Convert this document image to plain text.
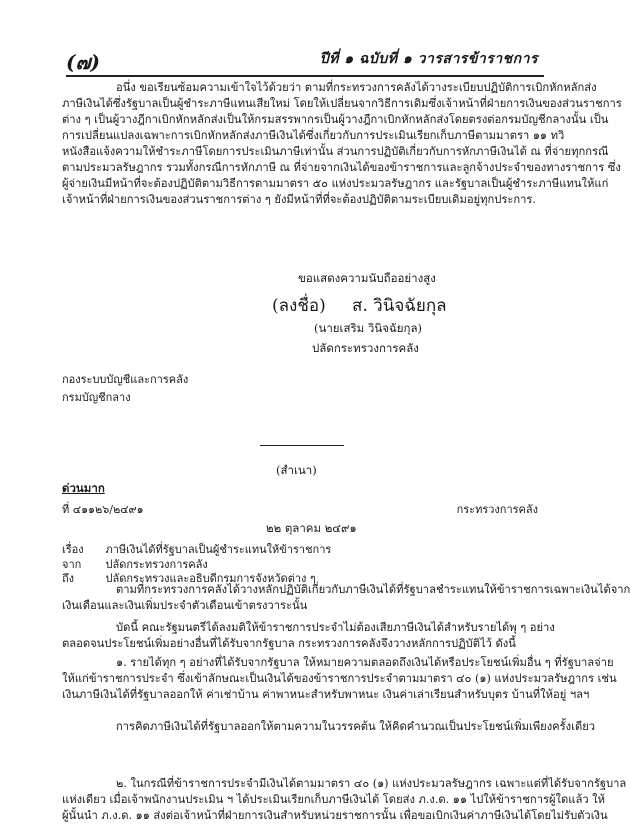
(๗)	ปีที่ ๑ ฉบับที่ ๑ วารสารข้าราชการ
อนึ่ง ขอเรียนซ้อมความเข้าใจไว้ด้วยว่า ตามที่กระทรวงการคลังได้วางระเบียบปฏิบัติการเบิกหักหลักส่ง
ภาษีเงินได้ซึ่งรัฐบาลเป็นผู้ชำระภาษีแทนเสียใหม่ โดยให้เปลี่ยนจากวิธีการเดิมซึ่งเจ้าหน้าที่ฝ่ายการเงินของส่วนราชการ
ต่าง ๆ เป็นผู้วางฎีกาเบิกหักหลักส่งเป็นให้กรมสรรพากรเป็นผู้วางฎีกาเบิกหักหลักส่งโดยตรงต่อกรมบัญชีกลางนั้น เป็น
การเปลี่ยนแปลงเฉพาะการเบิกหักหลักส่งภาษีเงินได้ซึ่งเกี่ยวกับการประเมินเรียกเก็บภาษีตามมาตรา ๑๑ ทวิ
หนังสือแจ้งความให้ชำระภาษีโดยการประเมินภาษีเท่านั้น ส่วนการปฏิบัติเกี่ยวกับการหักภาษีเงินได้ ณ ที่จ่ายทุกกรณี
ตามประมวลรัษฎากร รวมทั้งกรณีการหักภาษี ณ ที่จ่ายจากเงินได้ของข้าราชการและลูกจ้างประจำของทางราชการ ซึ่ง
ผู้จ่ายเงินมีหน้าที่จะต้องปฏิบัติตามวิธีการตามมาตรา ๕๐ แห่งประมวลรัษฎากร และรัฐบาลเป็นผู้ชำระภาษีแทนให้แก่
เจ้าหน้าที่ฝ่ายการเงินของส่วนราชการต่าง ๆ ยังมีหน้าที่ที่จะต้องปฏิบัติตามระเบียบเดิมอยู่ทุกประการ.
ขอแสดงความนับถืออย่างสูง
(ลงชื่อ) ส. วินิจฉัยกุล
(นายเสริม วินิจฉัยกุล)
ปลัดกระทรวงการคลัง
กองระบบบัญชีและการคลัง
กรมบัญชีกลาง
(สำเนา)
ด่วนมาก
ที่ ๔๑๑๒๖/๒๔๙๑	กระทรวงการคลัง
๒๒ ตุลาคม ๒๔๙๑
เรื่อง ภาษีเงินได้ที่รัฐบาลเป็นผู้ชำระแทนให้ข้าราชการ
จาก ปลัดกระทรวงการคลัง
ถึง	ปลัดกระทรวงและอธิบดีกรมการจังหวัดต่าง ๆ
ตามที่กระทรวงการคลังได้วางหลักปฏิบัติเกี่ยวกับภาษีเงินได้ที่รัฐบาลชำระแทนให้ข้าราชการเฉพาะเงินได้จาก
เงินเดือนและเงินเพิ่มประจำตัวเดือนเข้าตรงวาระนั้น
บัดนี้ คณะรัฐมนตรีได้ลงมติให้ข้าราชการประจำไม่ต้องเสียภาษีเงินได้สำหรับรายได้พุ ๆ อย่าง
ตลอดจนประโยชน์เพิ่มอย่างอื่นที่ได้รับจากรัฐบาล กระทรวงการคลังจึงวางหลักการปฏิบัติไว้ ดังนี้
๑. รายได้ทุก ๆ อย่างที่ได้รับจากรัฐบาล ให้หมายความตลอดถึงเงินได้หรือประโยชน์เพิ่มอื่น ๆ ที่รัฐบาลจ่าย
ให้แก่ข้าราชการประจำ ซึ่งเข้าลักษณะเป็นเงินได้ของข้าราชการประจำตามมาตรา ๔๐ (๑) แห่งประมวลรัษฎากร เช่น
เงินภาษีเงินได้ที่รัฐบาลออกให้ ค่าเช่าบ้าน ค่าพาหนะสำหรับพาหนะ เงินค่าเล่าเรียนสำหรับบุตร บ้านที่ให้อยู่ ฯลฯ

การคิดภาษีเงินได้ที่รัฐบาลออกให้ตามความในวรรคต้น ให้คิดคำนวณเป็นประโยชน์เพิ่มเพียงครั้งเดียว
๒. ในกรณีที่ข้าราชการประจำมีเงินได้ตามมาตรา ๔๐ (๑) แห่งประมวลรัษฎากร เฉพาะแต่ที่ได้รับจากรัฐบาล
แห่งเดียว เมื่อเจ้าพนักงานประเมิน ฯ ได้ประเมินเรียกเก็บภาษีเงินได้ โดยส่ง ภ.ง.ด. ๑๑ ไปให้ข้าราชการผู้ใดแล้ว ให้
ผู้นั้นนำ ภ.ง.ด. ๑๑ ส่งต่อเจ้าหน้าที่ฝ่ายการเงินสำหรับหน่วยราชการนั้น เพื่อขอเบิกเงินค่าภาษีเงินได้โดยไม่รับตัวเงิน
